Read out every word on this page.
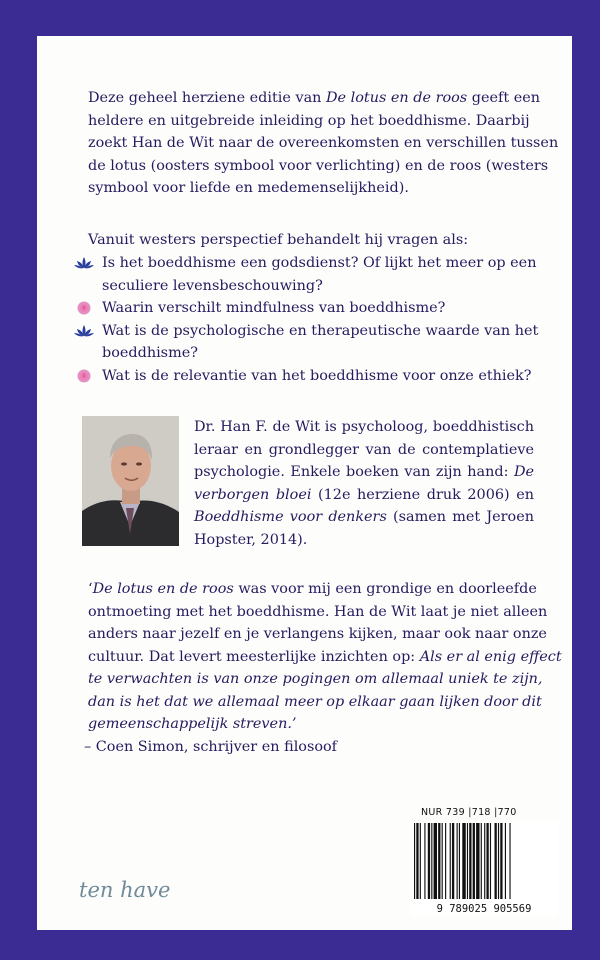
Deze geheel herziene editie van De lotus en de roos geeft een heldere en uitgebreide inleiding op het boeddhisme. Daarbij zoekt Han de Wit naar de overeenkomsten en verschillen tussen de lotus (oosters symbool voor verlichting) en de roos (westers symbool voor liefde en medemenselijkheid).
Vanuit westers perspectief behandelt hij vragen als:
Is het boeddhisme een godsdienst? Of lijkt het meer op een seculiere levensbeschouwing?
Waarin verschilt mindfulness van boeddhisme?
Wat is de psychologische en therapeutische waarde van het boeddhisme?
Wat is de relevantie van het boeddhisme voor onze ethiek?
Dr. Han F. de Wit is psycholoog, boeddhistisch leraar en grondlegger van de contemplatieve psychologie. Enkele boeken van zijn hand: De verborgen bloei (12e herziene druk 2006) en Boeddhisme voor denkers (samen met Jeroen Hopster, 2014).
‘De lotus en de roos was voor mij een grondige en doorleefde ontmoeting met het boeddhisme. Han de Wit laat je niet alleen anders naar jezelf en je verlangens kijken, maar ook naar onze cultuur. Dat levert meesterlijke inzichten op: Als er al enig effect te verwachten is van onze pogingen om allemaal uniek te zijn, dan is het dat we allemaal meer op elkaar gaan lijken door dit gemeenschappelijk streven.’
– Coen Simon, schrijver en filosoof
NUR 739 |718 |770
9 789025 905569
ten have
